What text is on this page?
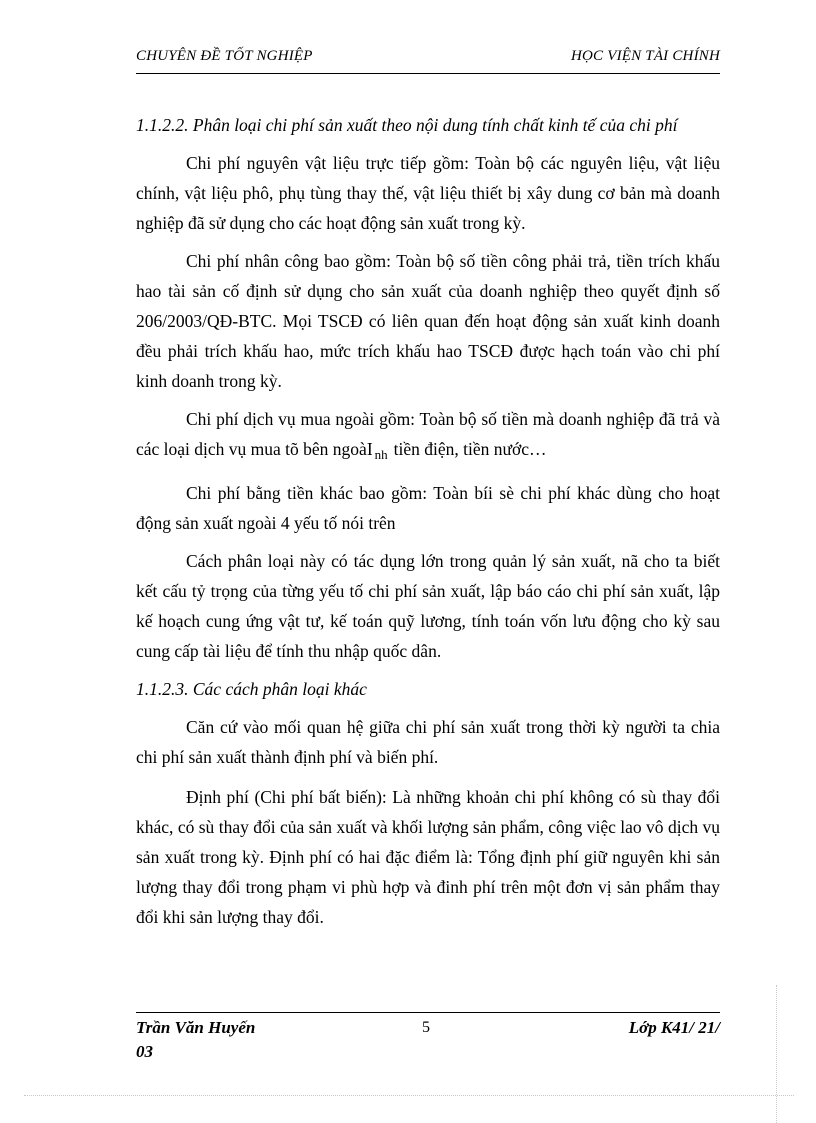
CHUYÊN ĐỀ TỐT NGHIỆP	HỌC VIỆN TÀI CHÍNH

1.1.2.2. Phân loại chi phí sản xuất theo nội dung tính chất kinh tế của chi phí

Chi phí nguyên vật liệu trực tiếp gồm: Toàn bộ các nguyên liệu, vật liệu chính, vật liệu phô, phụ tùng thay thế, vật liệu thiết bị xây dung cơ bản mà doanh nghiệp đã sử dụng cho các hoạt động sản xuất trong kỳ.

Chi phí nhân công bao gồm: Toàn bộ số tiền công phải trả, tiền trích khấu hao tài sản cố định sử dụng cho sản xuất của doanh nghiệp theo quyết định số 206/2003/QĐ-BTC. Mọi TSCĐ có liên quan đến hoạt động sản xuất kinh doanh đều phải trích khấu hao, mức trích khấu hao TSCĐ được hạch toán vào chi phí kinh doanh trong kỳ.

Chi phí dịch vụ mua ngoài gồm: Toàn bộ số tiền mà doanh nghiệp đã trả và các loại dịch vụ mua tõ bên ngoàI $_{nh}$ tiền điện, tiền nước…

Chi phí bằng tiền khác bao gồm: Toàn bíi sè chi phí khác dùng cho hoạt động sản xuất ngoài 4 yếu tố nói trên

Cách phân loại này có tác dụng lớn trong quản lý sản xuất, nã cho ta biết kết cấu tỷ trọng của từng yếu tố chi phí sản xuất, lập báo cáo chi phí sản xuất, lập kế hoạch cung ứng vật tư, kế toán quỹ lương, tính toán vốn lưu động cho kỳ sau cung cấp tài liệu để tính thu nhập quốc dân.

1.1.2.3. Các cách phân loại khác

Căn cứ vào mối quan hệ giữa chi phí sản xuất trong thời kỳ người ta chia chi phí sản xuất thành định phí và biến phí.

Định phí (Chi phí bất biến): Là những khoản chi phí không có sù thay đổi khác, có sù thay đổi của sản xuất và khối lượng sản phẩm, công việc lao vô dịch vụ sản xuất trong kỳ. Định phí có hai đặc điểm là: Tổng định phí giữ nguyên khi sản lượng thay đổi trong phạm vi phù hợp và đinh phí trên một đơn vị sản phẩm thay đổi khi sản lượng thay đổi.

Trần Văn Huyến	5	Lớp K41/ 21/
03
